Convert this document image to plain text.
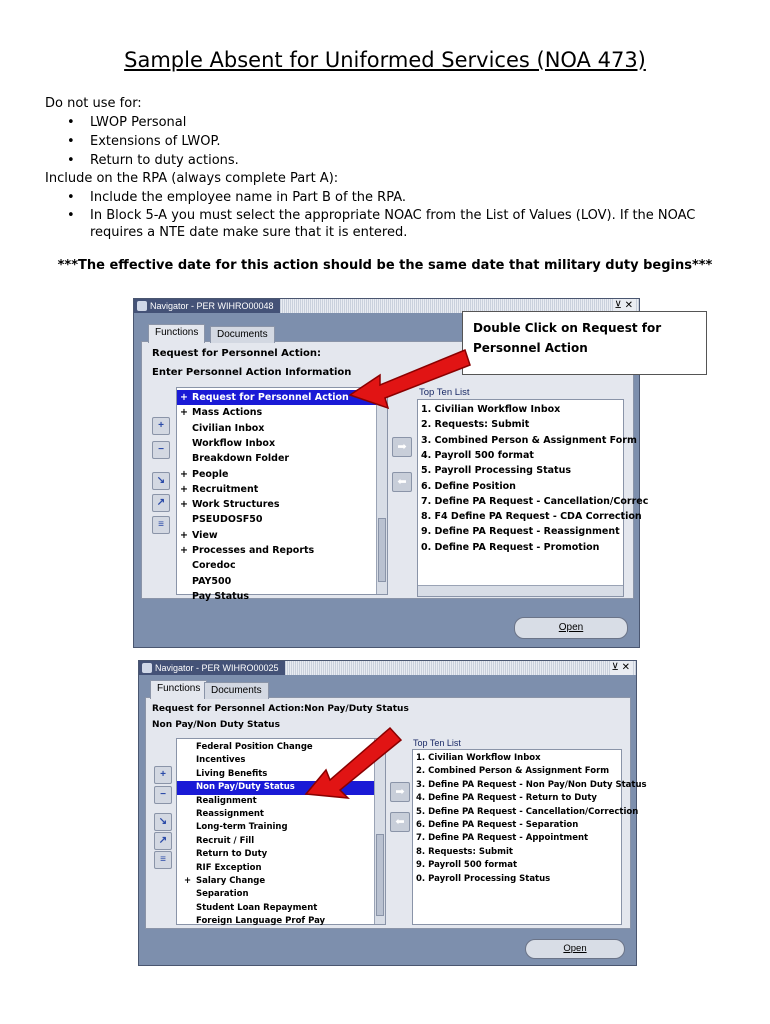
Sample Absent for Uniformed Services (NOA 473)
Do not use for:
• LWOP Personal
• Extensions of LWOP.
• Return to duty actions.
Include on the RPA (always complete Part A):
• Include the employee name in Part B of the RPA.
• In Block 5-A you must select the appropriate NOAC from the List of Values (LOV). If the NOAC requires a NTE date make sure that it is entered.
***The effective date for this action should be the same date that military duty begins***
Navigator - PER WIHRO00048	⊻ ✕
Functions	Documents
Request for Personnel Action:
Enter Personnel Action Information
+ Request for Personnel Action
+ Mass Actions
Civilian Inbox
Workflow Inbox
Breakdown Folder
+ People
+ Recruitment
+ Work Structures
PSEUDOSF50
+ View
+ Processes and Reports
Coredoc
PAY500
Pay Status
+
−
↘
↗
≡
➡
⬅
Top Ten List
1. Civilian Workflow Inbox
2. Requests: Submit
3. Combined Person & Assignment Form
4. Payroll 500 format
5. Payroll Processing Status
6. Define Position
7. Define PA Request - Cancellation/Correc
8. F4 Define PA Request - CDA Correction
9. Define PA Request - Reassignment
0. Define PA Request - Promotion
Open
Double Click on Request for Personnel Action
Navigator - PER WIHRO00025	⊻ ✕
Functions	Documents
Request for Personnel Action:Non Pay/Duty Status
Non Pay/Non Duty Status
Federal Position Change
Incentives
Living Benefits
Non Pay/Duty Status
Realignment
Reassignment
Long-term Training
Recruit / Fill
Return to Duty
RIF Exception
+ Salary Change
Separation
Student Loan Repayment
Foreign Language Prof Pay
+
−
↘
↗
≡
➡
⬅
Top Ten List
1. Civilian Workflow Inbox
2. Combined Person & Assignment Form
3. Define PA Request - Non Pay/Non Duty Status
4. Define PA Request - Return to Duty
5. Define PA Request - Cancellation/Correction
6. Define PA Request - Separation
7. Define PA Request - Appointment
8. Requests: Submit
9. Payroll 500 format
0. Payroll Processing Status
Open
